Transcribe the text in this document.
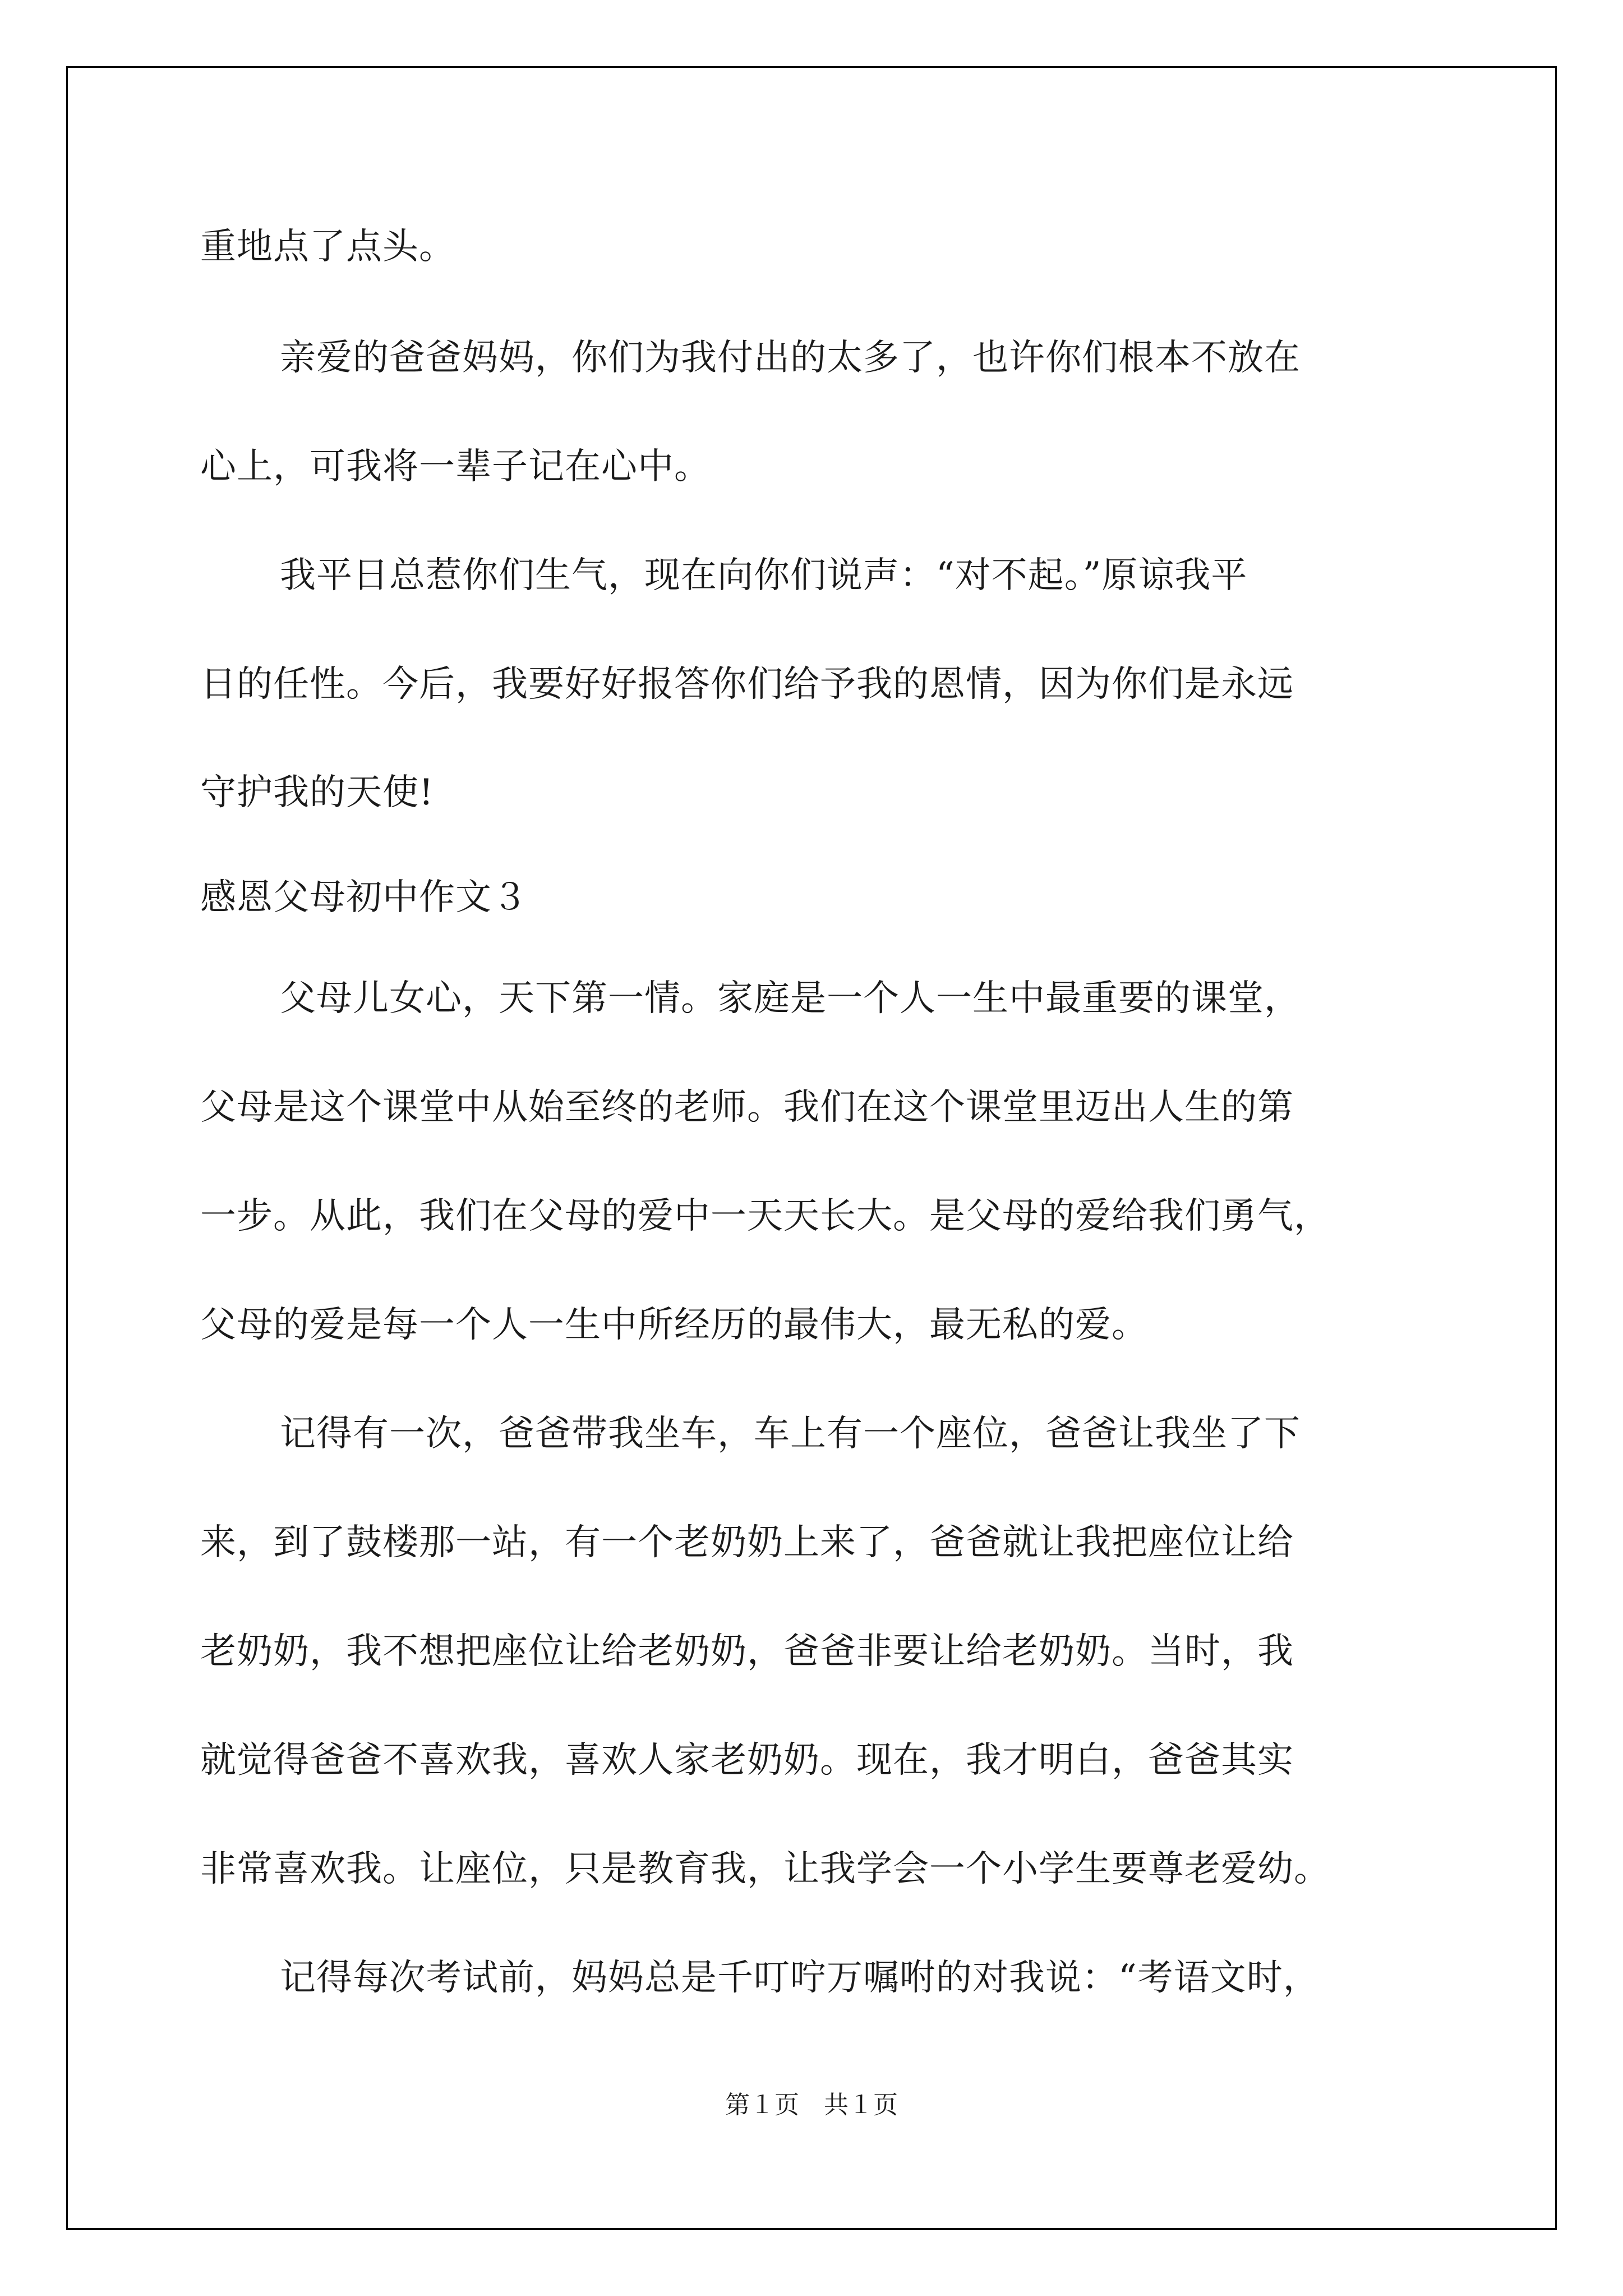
重地点了点头。
亲爱的爸爸妈妈，你们为我付出的太多了，也许你们根本不放在
心上，可我将一辈子记在心中。
我平日总惹你们生气，现在向你们说声：“对不起。”原谅我平
日的任性。今后，我要好好报答你们给予我的恩情，因为你们是永远
守护我的天使!
感恩父母初中作文３
父母儿女心，天下第一情。家庭是一个人一生中最重要的课堂，
父母是这个课堂中从始至终的老师。我们在这个课堂里迈出人生的第
一步。从此，我们在父母的爱中一天天长大。是父母的爱给我们勇气，
父母的爱是每一个人一生中所经历的最伟大，最无私的爱。
记得有一次，爸爸带我坐车，车上有一个座位，爸爸让我坐了下
来，到了鼓楼那一站，有一个老奶奶上来了，爸爸就让我把座位让给
老奶奶，我不想把座位让给老奶奶，爸爸非要让给老奶奶。当时，我
就觉得爸爸不喜欢我，喜欢人家老奶奶。现在，我才明白，爸爸其实
非常喜欢我。让座位，只是教育我，让我学会一个小学生要尊老爱幼。
记得每次考试前，妈妈总是千叮咛万嘱咐的对我说：“考语文时，
第１页　共１页
